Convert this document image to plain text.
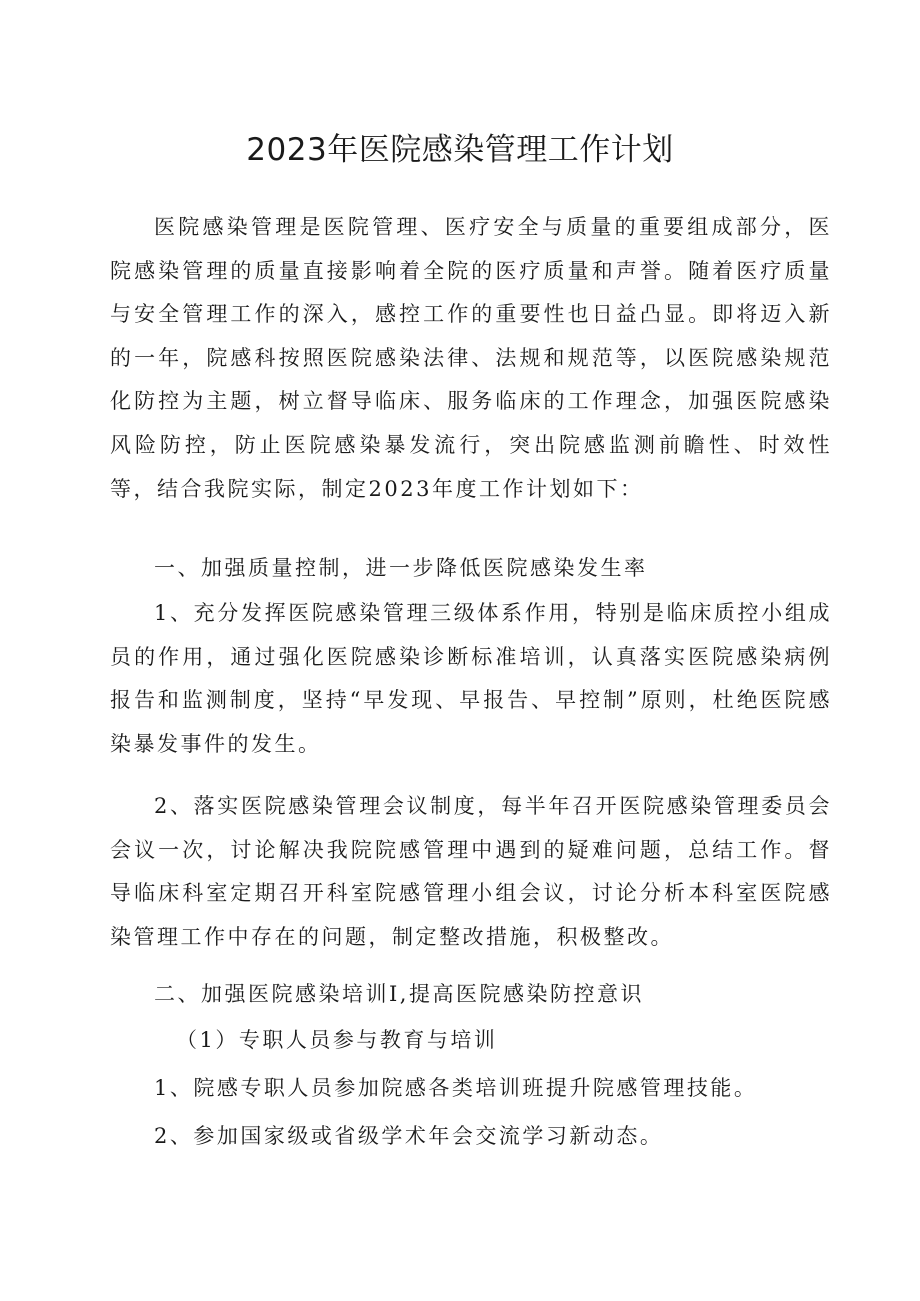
2023年医院感染管理工作计划

医院感染管理是医院管理、医疗安全与质量的重要组成部分，医院感染管理的质量直接影响着全院的医疗质量和声誉。随着医疗质量与安全管理工作的深入，感控工作的重要性也日益凸显。即将迈入新的一年，院感科按照医院感染法律、法规和规范等，以医院感染规范化防控为主题，树立督导临床、服务临床的工作理念，加强医院感染风险防控，防止医院感染暴发流行，突出院感监测前瞻性、时效性等，结合我院实际，制定2023年度工作计划如下：

一、加强质量控制，进一步降低医院感染发生率

1、充分发挥医院感染管理三级体系作用，特别是临床质控小组成员的作用，通过强化医院感染诊断标准培训，认真落实医院感染病例报告和监测制度，坚持“早发现、早报告、早控制”原则，杜绝医院感染暴发事件的发生。

2、落实医院感染管理会议制度，每半年召开医院感染管理委员会会议一次，讨论解决我院院感管理中遇到的疑难问题，总结工作。督导临床科室定期召开科室院感管理小组会议，讨论分析本科室医院感染管理工作中存在的问题，制定整改措施，积极整改。

二、加强医院感染培训I,提高医院感染防控意识

（1）专职人员参与教育与培训

1、院感专职人员参加院感各类培训班提升院感管理技能。

2、参加国家级或省级学术年会交流学习新动态。
